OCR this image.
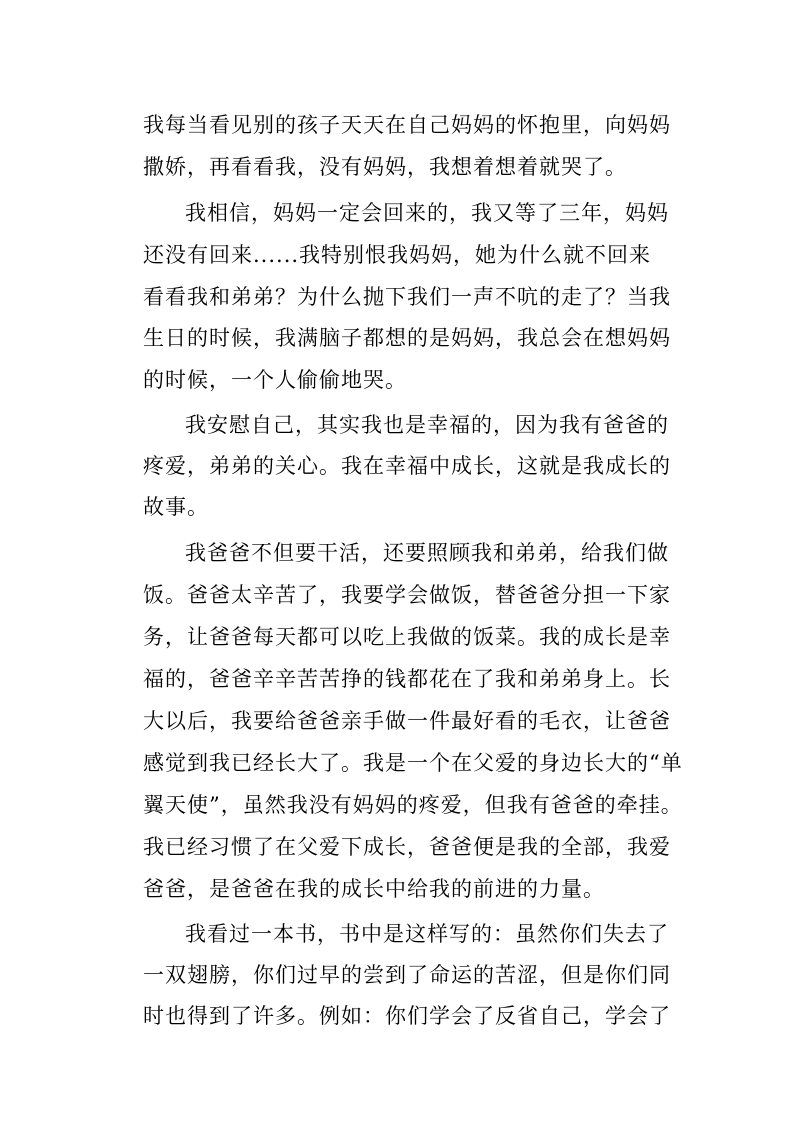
我每当看见别的孩子天天在自己妈妈的怀抱里，向妈妈
撒娇，再看看我，没有妈妈，我想着想着就哭了。
我相信，妈妈一定会回来的，我又等了三年，妈妈
还没有回来......我特别恨我妈妈，她为什么就不回来
看看我和弟弟？为什么抛下我们一声不吭的走了？当我
生日的时候，我满脑子都想的是妈妈，我总会在想妈妈
的时候，一个人偷偷地哭。
我安慰自己，其实我也是幸福的，因为我有爸爸的
疼爱，弟弟的关心。我在幸福中成长，这就是我成长的
故事。
我爸爸不但要干活，还要照顾我和弟弟，给我们做
饭。爸爸太辛苦了，我要学会做饭，替爸爸分担一下家
务，让爸爸每天都可以吃上我做的饭菜。我的成长是幸
福的，爸爸辛辛苦苦挣的钱都花在了我和弟弟身上。长
大以后，我要给爸爸亲手做一件最好看的毛衣，让爸爸
感觉到我已经长大了。我是一个在父爱的身边长大的“单
翼天使”，虽然我没有妈妈的疼爱，但我有爸爸的牵挂。
我已经习惯了在父爱下成长，爸爸便是我的全部，我爱
爸爸，是爸爸在我的成长中给我的前进的力量。
我看过一本书，书中是这样写的：虽然你们失去了
一双翅膀，你们过早的尝到了命运的苦涩，但是你们同
时也得到了许多。例如：你们学会了反省自己，学会了
